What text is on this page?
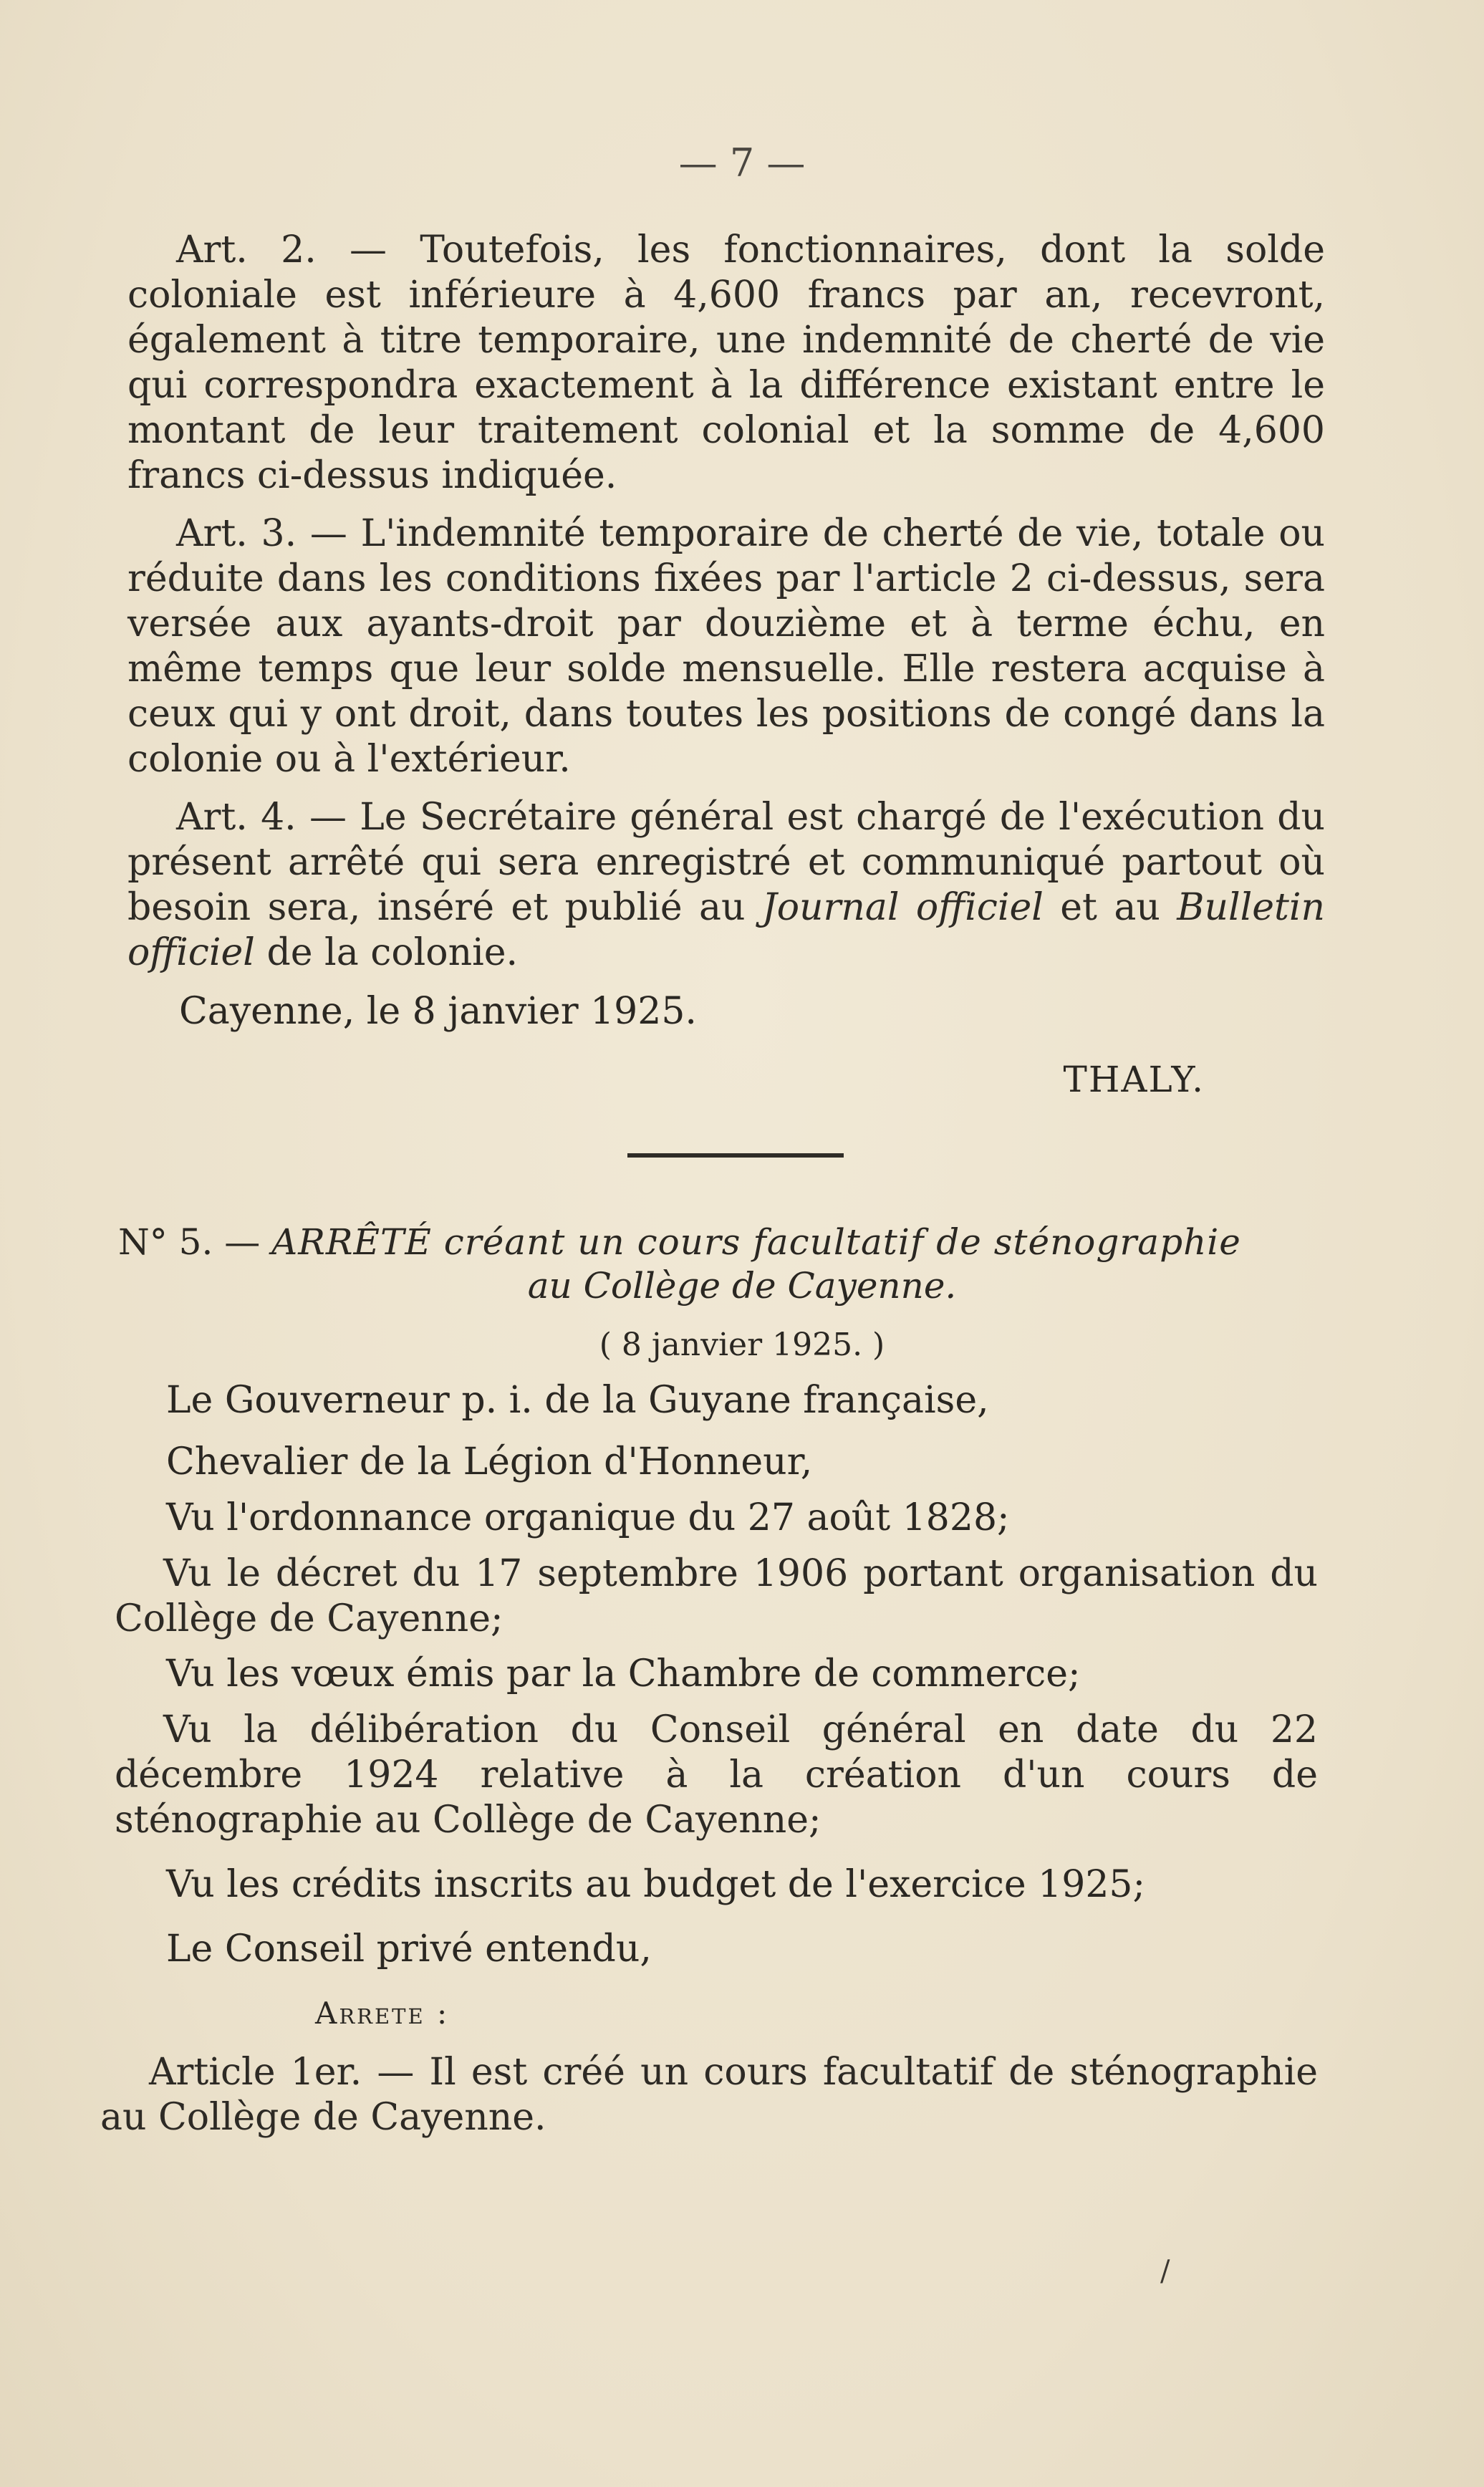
— 7 —

Art. 2. — Toutefois, les fonctionnaires, dont la solde coloniale est inférieure à 4,600 francs par an, recevront, également à titre temporaire, une indemnité de cherté de vie qui correspondra exactement à la différence existant entre le montant de leur traitement colonial et la somme de 4,600 francs ci-dessus indiquée.

Art. 3. — L'indemnité temporaire de cherté de vie, totale ou réduite dans les conditions fixées par l'article 2 ci-dessus, sera versée aux ayants-droit par douzième et à terme échu, en même temps que leur solde mensuelle. Elle restera acquise à ceux qui y ont droit, dans toutes les positions de congé dans la colonie ou à l'extérieur.

Art. 4. — Le Secrétaire général est chargé de l'exécution du présent arrêté qui sera enregistré et communiqué partout où besoin sera, inséré et publié au Journal officiel et au Bulletin officiel de la colonie.

Cayenne, le 8 janvier 1925.
THALY.
N° 5. — ARRÊTÉ créant un cours facultatif de sténographie
au Collège de Cayenne.
( 8 janvier 1925. )

Le Gouverneur p. i. de la Guyane française,

Chevalier de la Légion d'Honneur,

Vu l'ordonnance organique du 27 août 1828;

Vu le décret du 17 septembre 1906 portant organisation du Collège de Cayenne;

Vu les vœux émis par la Chambre de commerce;

Vu la délibération du Conseil général en date du 22 décembre 1924 relative à la création d'un cours de sténographie au Collège de Cayenne;

Vu les crédits inscrits au budget de l'exercice 1925;

Le Conseil privé entendu,

Arrete :

Article 1er. — Il est créé un cours facultatif de sténographie au Collège de Cayenne.

/
